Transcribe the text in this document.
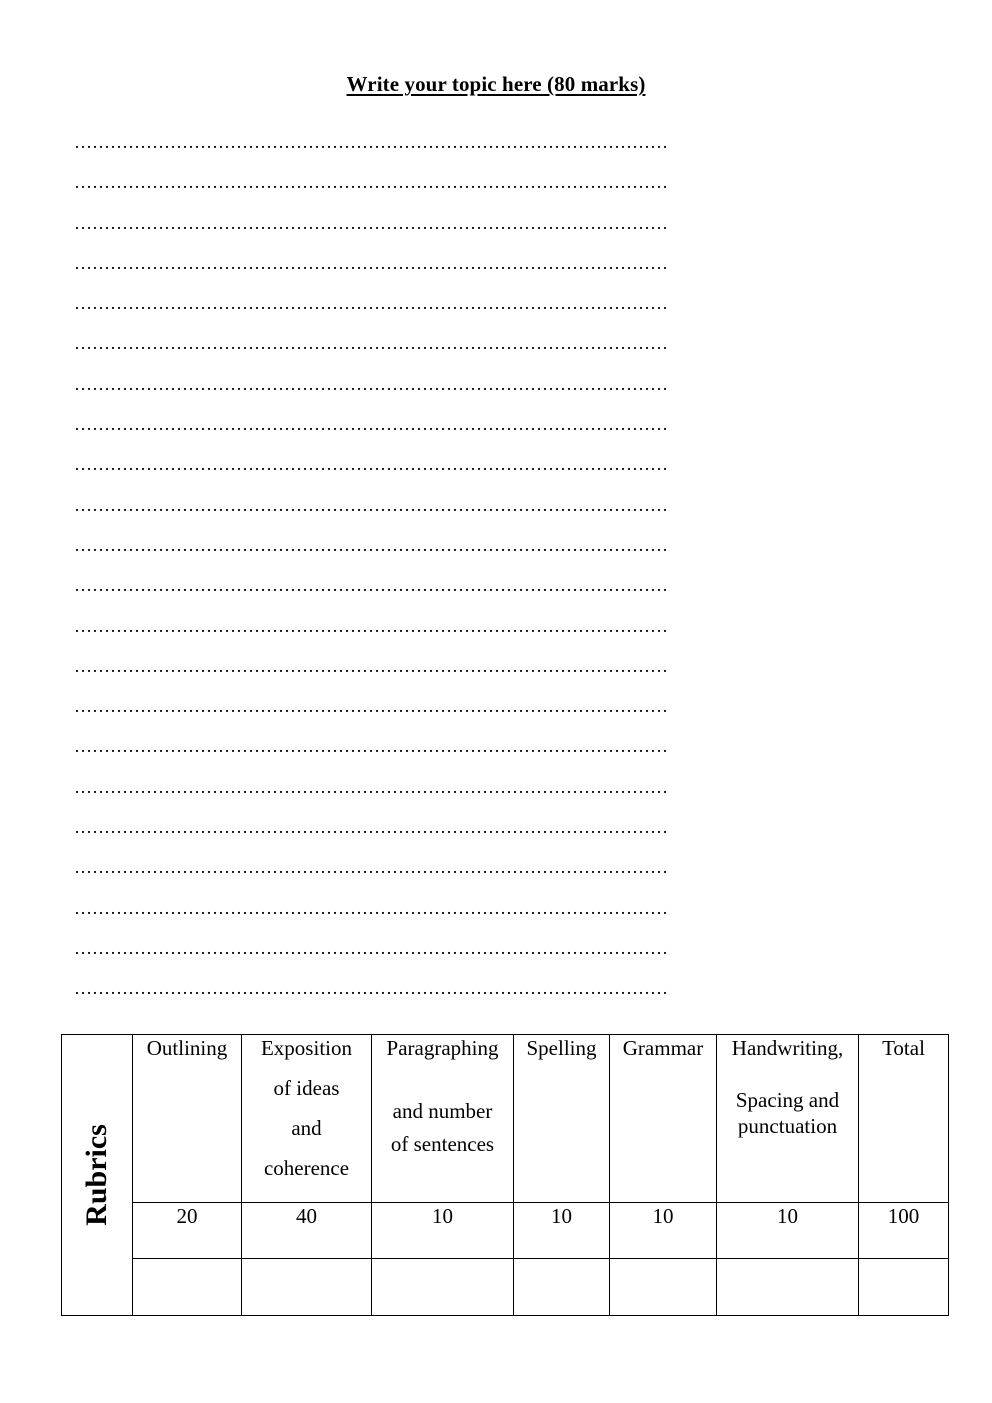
Write your topic here (80 marks)
………………………………………………………………………………………
………………………………………………………………………………………
………………………………………………………………………………………
………………………………………………………………………………………
………………………………………………………………………………………
………………………………………………………………………………………
………………………………………………………………………………………
………………………………………………………………………………………
………………………………………………………………………………………
………………………………………………………………………………………
………………………………………………………………………………………
………………………………………………………………………………………
………………………………………………………………………………………
………………………………………………………………………………………
………………………………………………………………………………………
………………………………………………………………………………………
………………………………………………………………………………………
………………………………………………………………………………………
………………………………………………………………………………………
………………………………………………………………………………………
………………………………………………………………………………………
………………………………………………………………………………………
Rubrics	Outlining	Exposition
of ideas
and
coherence	Paragraphing
and number
of sentences	Spelling	Grammar	Handwriting,
Spacing and
punctuation	Total

	20	40	10	10	10	10	100
